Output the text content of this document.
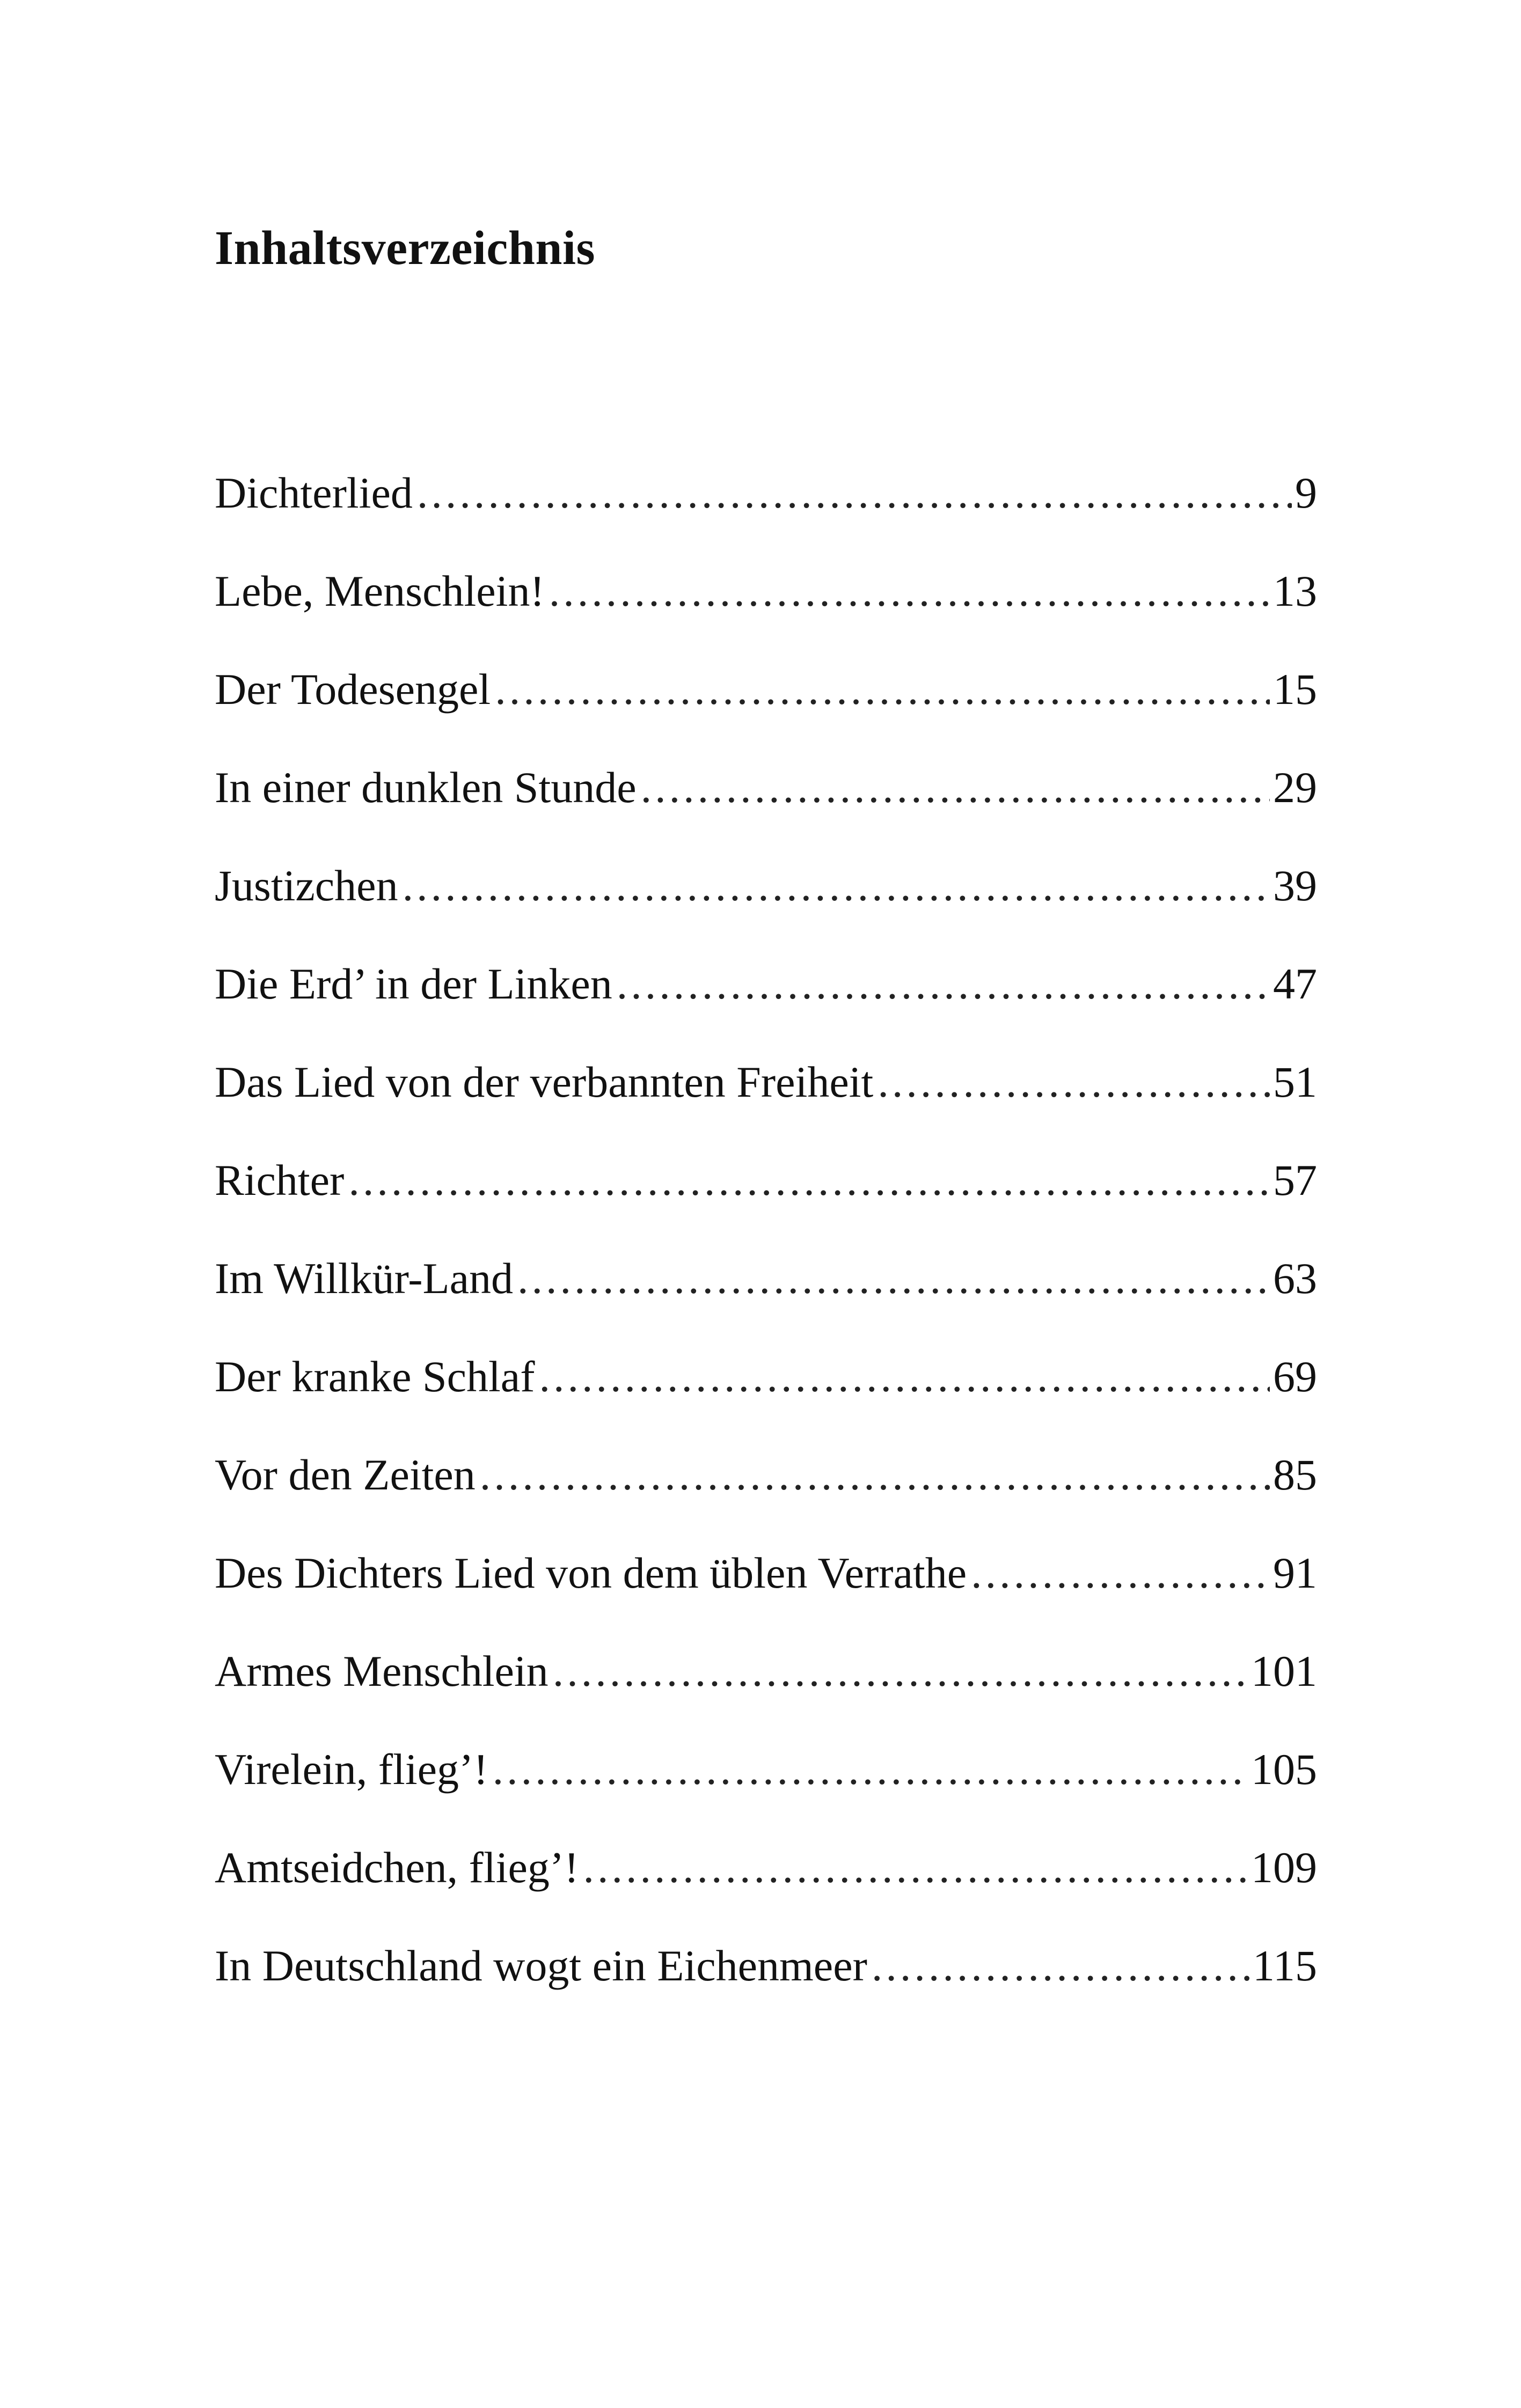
Inhaltsverzeichnis
Dichterlied .....	9
Lebe, Menschlein! .....	13
Der Todesengel .....	15
In einer dunklen Stunde .....	29
Justizchen .....	39
Die Erd’ in der Linken .....	47
Das Lied von der verbannten Freiheit .....	51
Richter .....	57
Im Willkür-Land .....	63
Der kranke Schlaf .....	69
Vor den Zeiten .....	85
Des Dichters Lied von dem üblen Verrathe .....	91
Armes Menschlein .....	101
Virelein, flieg’! .....	105
Amtseidchen, flieg’! .....	109
In Deutschland wogt ein Eichenmeer .....	115
